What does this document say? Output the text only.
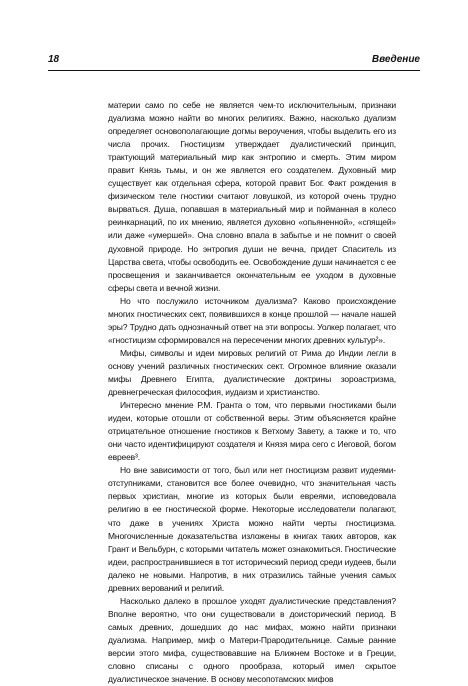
18	Введение

материи само по себе не является чем-то исключительным, признаки дуализма можно найти во многих религиях. Важно, насколько дуализм определяет основополагающие догмы вероучения, чтобы выделить его из числа прочих. Гностицизм утверждает дуалистический принцип, трактующий материальный мир как энтропию и смерть. Этим миром правит Князь тьмы, и он же является его создателем. Духовный мир существует как отдельная сфера, которой правит Бог. Факт рождения в физическом теле гностики считают ловушкой, из которой очень трудно вырваться. Душа, попавшая в материальный мир и пойманная в колесо реинкарнаций, по их мнению, является духовно «опьяненной», «спящей» или даже «умершей». Она словно впала в забытье и не помнит о своей духовной природе. Но энтропия души не вечна, придет Спаситель из Царства света, чтобы освободить ее. Освобождение души начинается с ее просвещения и заканчивается окончательным ее уходом в духовные сферы света и вечной жизни.

Но что послужило источником дуализма? Каково происхождение многих гностических сект, появившихся в конце прошлой — начале нашей эры? Трудно дать однозначный ответ на эти вопросы. Уолкер полагает, что «гностицизм сформировался на пересечении многих древних культур²».

Мифы, символы и идеи мировых религий от Рима до Индии легли в основу учений различных гностических сект. Огромное влияние оказали мифы Древнего Египта, дуалистические доктрины зороастризма, древнегреческая философия, иудаизм и христианство.

Интересно мнение Р.М. Гранта о том, что первыми гностиками были иудеи, которые отошли от собственной веры. Этим объясняется крайне отрицательное отношение гностиков к Ветхому Завету, а также и то, что они часто идентифицируют создателя и Князя мира сего с Иеговой, богом евреев³.

Но вне зависимости от того, был или нет гностицизм развит иудеями-отступниками, становится все более очевидно, что значительная часть первых христиан, многие из которых были евреями, исповедовала религию в ее гностической форме. Некоторые исследователи полагают, что даже в учениях Христа можно найти черты гностицизма. Многочисленные доказательства изложены в книгах таких авторов, как Грант и Вельбурн, с которыми читатель может ознакомиться. Гностические идеи, распространившиеся в тот исторический период среди иудеев, были далеко не новыми. Напротив, в них отразились тайные учения самых древних верований и религий.

Насколько далеко в прошлое уходят дуалистические представления? Вполне вероятно, что они существовали в доисторический период. В самых древних, дошедших до нас мифах, можно найти признаки дуализма. Например, миф о Матери-Прародительнице. Самые ранние версии этого мифа, существовавшие на Ближнем Востоке и в Греции, словно списаны с одного прообраза, который имел скрытое дуалистическое значение. В основу месопотамских мифов
